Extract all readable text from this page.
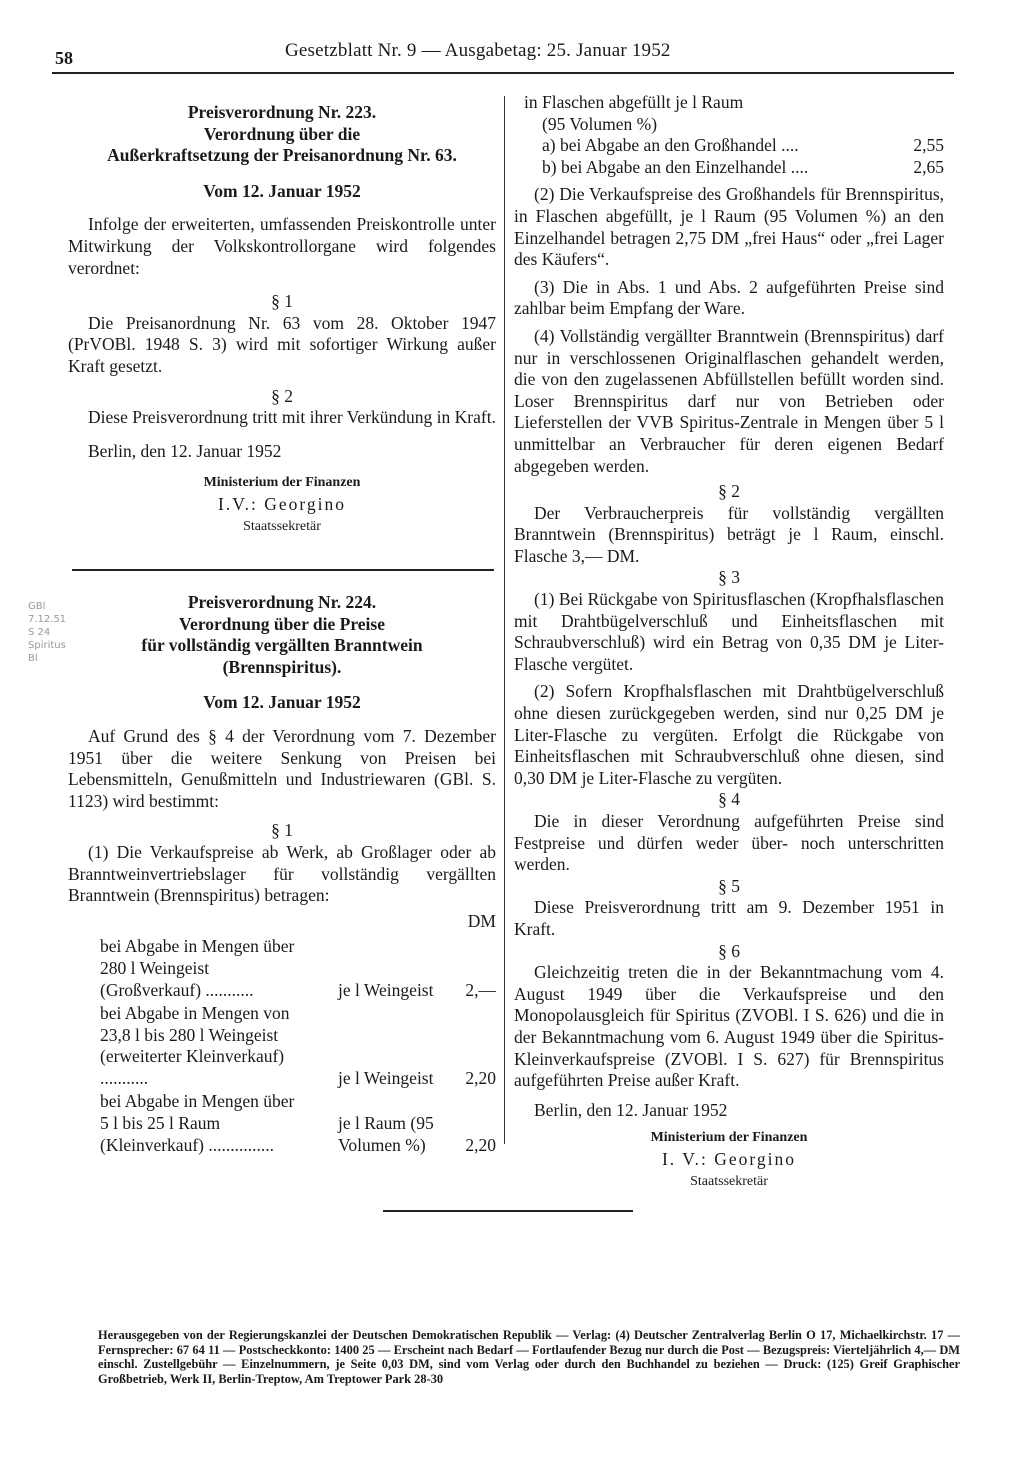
58	Gesetzblatt Nr. 9 — Ausgabetag: 25. Januar 1952
GBl 7.12.51 S 24 Spiritus Bl
Preisverordnung Nr. 223.
Verordnung über die
Außerkraftsetzung der Preisanordnung Nr. 63.
Vom 12. Januar 1952
Infolge der erweiterten, umfassenden Preiskontrolle unter Mitwirkung der Volkskontrollorgane wird folgendes verordnet:
§ 1
Die Preisanordnung Nr. 63 vom 28. Oktober 1947 (PrVOBl. 1948 S. 3) wird mit sofortiger Wirkung außer Kraft gesetzt.
§ 2
Diese Preisverordnung tritt mit ihrer Verkündung in Kraft.
Berlin, den 12. Januar 1952
Ministerium der Finanzen
I.V.: Georgino
Staatssekretär
Preisverordnung Nr. 224.
Verordnung über die Preise
für vollständig vergällten Branntwein
(Brennspiritus).
Vom 12. Januar 1952
Auf Grund des § 4 der Verordnung vom 7. Dezember 1951 über die weitere Senkung von Preisen bei Lebensmitteln, Genußmitteln und Industriewaren (GBl. S. 1123) wird bestimmt:
§ 1
(1) Die Verkaufspreise ab Werk, ab Großlager oder ab Branntweinvertriebslager für vollständig vergällten Branntwein (Brennspiritus) betragen:
DM
bei Abgabe in Mengen über 280 l Weingeist (Großverkauf) ...........	je l Weingeist 2,—
bei Abgabe in Mengen von 23,8 l bis 280 l Weingeist (erweiterter Kleinverkauf) ...........	je l Weingeist 2,20
bei Abgabe in Mengen über 5 l bis 25 l Raum (Kleinverkauf) ...............
je l Raum (95 Volumen %)	2,20
in Flaschen abgefüllt je l Raum
(95 Volumen %)
a) bei Abgabe an den Großhandel ....	2,55
b) bei Abgabe an den Einzelhandel ....	2,65
(2) Die Verkaufspreise des Großhandels für Brennspiritus, in Flaschen abgefüllt, je l Raum (95 Volumen %) an den Einzelhandel betragen 2,75 DM „frei Haus“ oder „frei Lager des Käufers“.
(3) Die in Abs. 1 und Abs. 2 aufgeführten Preise sind zahlbar beim Empfang der Ware.
(4) Vollständig vergällter Branntwein (Brennspiritus) darf nur in verschlossenen Originalflaschen gehandelt werden, die von den zugelassenen Abfüllstellen befüllt worden sind. Loser Brennspiritus darf nur von Betrieben oder Lieferstellen der VVB Spiritus-Zentrale in Mengen über 5 l unmittelbar an Verbraucher für deren eigenen Bedarf abgegeben werden.
§ 2
Der Verbraucherpreis für vollständig vergällten Branntwein (Brennspiritus) beträgt je l Raum, einschl. Flasche 3,— DM.
§ 3
(1) Bei Rückgabe von Spiritusflaschen (Kropfhalsflaschen mit Drahtbügelverschluß und Einheitsflaschen mit Schraubverschluß) wird ein Betrag von 0,35 DM je Liter-Flasche vergütet.
(2) Sofern Kropfhalsflaschen mit Drahtbügelverschluß ohne diesen zurückgegeben werden, sind nur 0,25 DM je Liter-Flasche zu vergüten. Erfolgt die Rückgabe von Einheitsflaschen mit Schraubverschluß ohne diesen, sind 0,30 DM je Liter-Flasche zu vergüten.
§ 4
Die in dieser Verordnung aufgeführten Preise sind Festpreise und dürfen weder über- noch unterschritten werden.
§ 5
Diese Preisverordnung tritt am 9. Dezember 1951 in Kraft.
§ 6
Gleichzeitig treten die in der Bekanntmachung vom 4. August 1949 über die Verkaufspreise und den Monopolausgleich für Spiritus (ZVOBl. I S. 626) und die in der Bekanntmachung vom 6. August 1949 über die Spiritus-Kleinverkaufspreise (ZVOBl. I S. 627) für Brennspiritus aufgeführten Preise außer Kraft.
Berlin, den 12. Januar 1952
Ministerium der Finanzen
I. V.: Georgino
Staatssekretär
Herausgegeben von der Regierungskanzlei der Deutschen Demokratischen Republik — Verlag: (4) Deutscher Zentralverlag Berlin O 17, Michaelkirchstr. 17 — Fernsprecher: 67 64 11 — Postscheckkonto: 1400 25 — Erscheint nach Bedarf — Fortlaufender Bezug nur durch die Post — Bezugspreis: Vierteljährlich 4,— DM einschl. Zustellgebühr — Einzelnummern, je Seite 0,03 DM, sind vom Verlag oder durch den Buchhandel zu beziehen — Druck: (125) Greif Graphischer Großbetrieb, Werk II, Berlin-Treptow, Am Treptower Park 28-30
